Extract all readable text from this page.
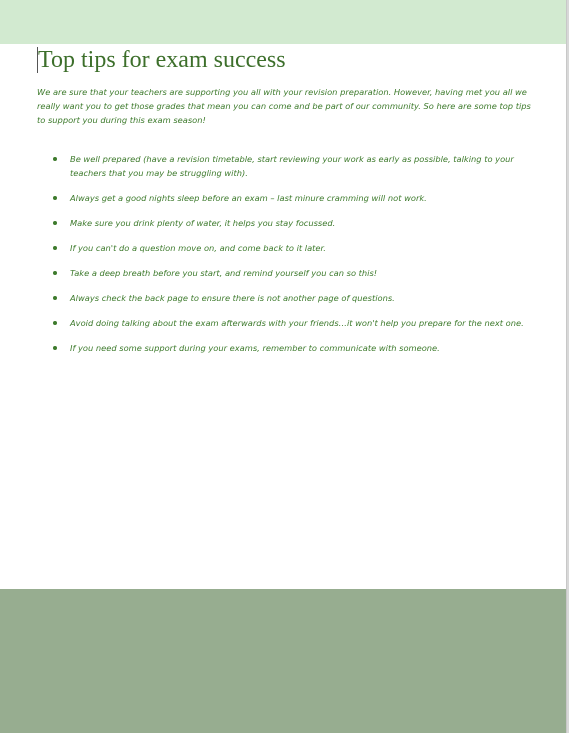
Top tips for exam success

We are sure that your teachers are supporting you all with your revision preparation. However, having met you all we really want you to get those grades that mean you can come and be part of our community. So here are some top tips to support you during this exam season!

Be well prepared (have a revision timetable, start reviewing your work as early as possible, talking to your teachers that you may be struggling with).
Always get a good nights sleep before an exam – last minure cramming will not work.
Make sure you drink plenty of water, it helps you stay focussed.
If you can't do a question move on, and come back to it later.
Take a deep breath before you start, and remind yourself you can so this!
Always check the back page to ensure there is not another page of questions.
Avoid doing talking about the exam afterwards with your friends…it won't help you prepare for the next one.
If you need some support during your exams, remember to communicate with someone.
